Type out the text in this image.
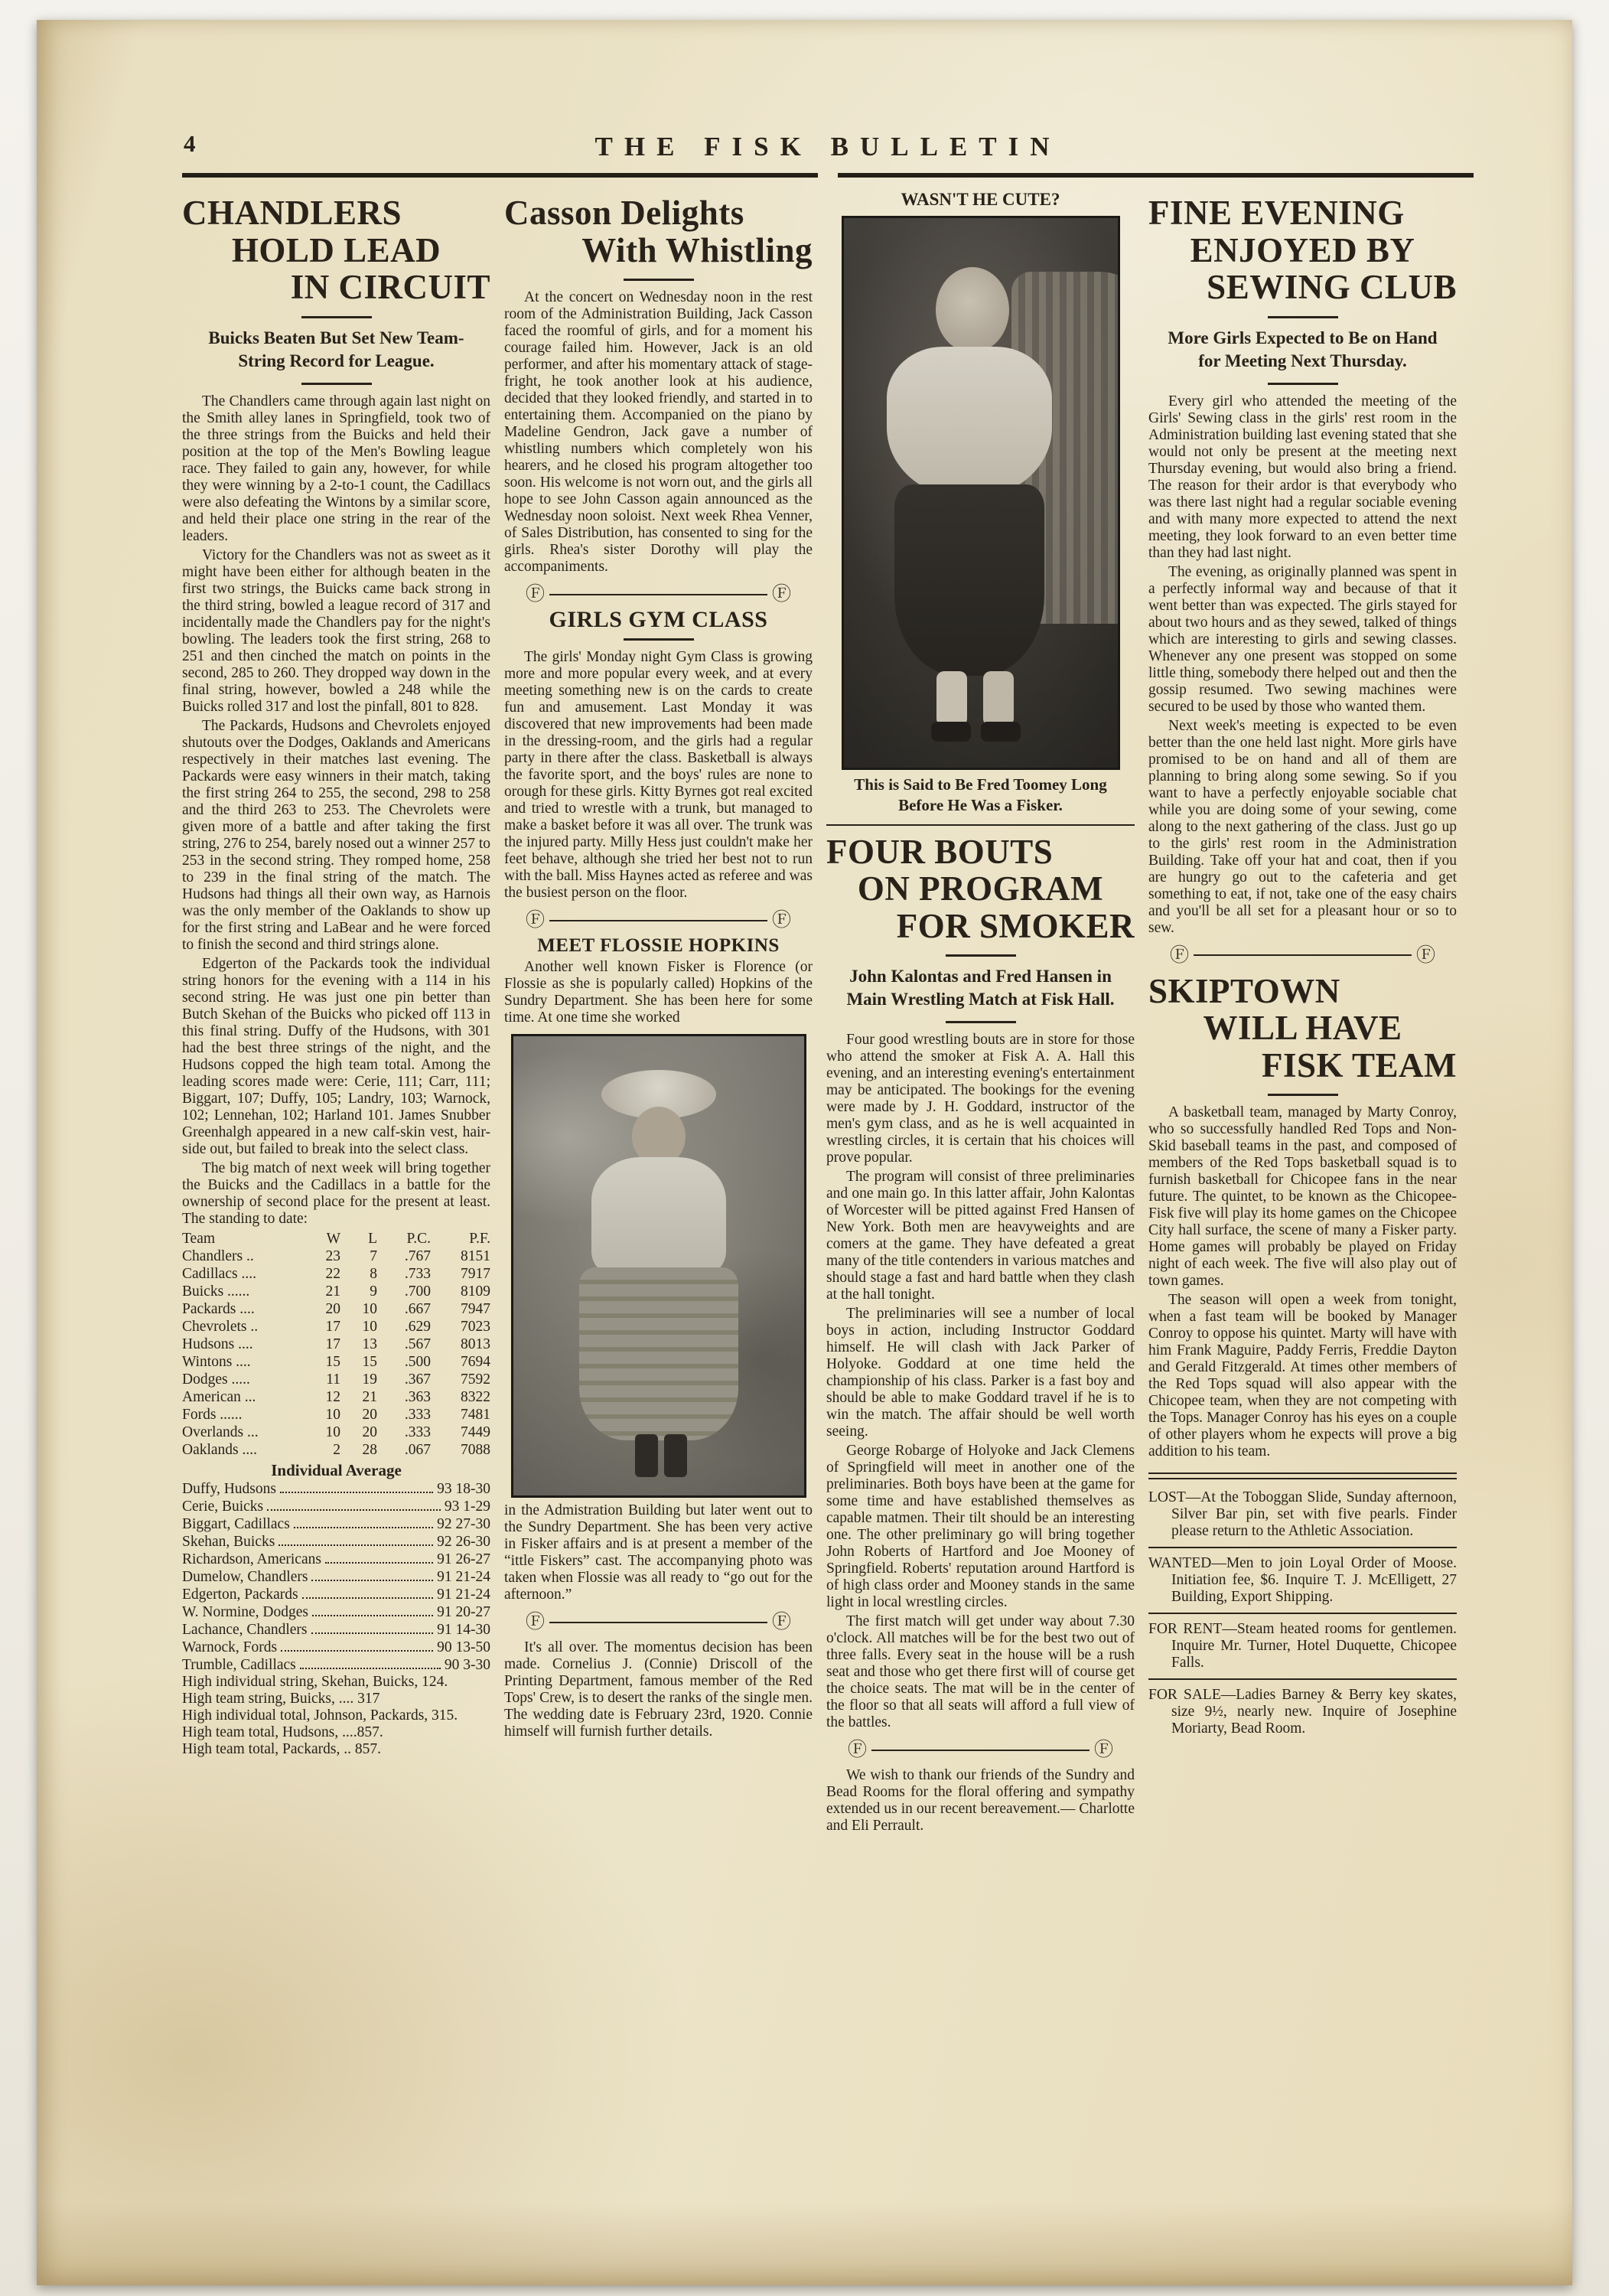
4	THE FISK BULLETIN
CHANDLERS
HOLD LEAD
IN CIRCUIT
Buicks Beaten But Set New Team-String Record for League.

The Chandlers came through again last night on the Smith alley lanes in Springfield, took two of the three strings from the Buicks and held their position at the top of the Men's Bowling league race. They failed to gain any, however, for while they were winning by a 2-to-1 count, the Cadillacs were also defeating the Wintons by a similar score, and held their place one string in the rear of the leaders.

Victory for the Chandlers was not as sweet as it might have been either for although beaten in the first two strings, the Buicks came back strong in the third string, bowled a league record of 317 and incidentally made the Chandlers pay for the night's bowling. The leaders took the first string, 268 to 251 and then cinched the match on points in the second, 285 to 260. They dropped way down in the final string, however, bowled a 248 while the Buicks rolled 317 and lost the pinfall, 801 to 828.

The Packards, Hudsons and Chevrolets enjoyed shutouts over the Dodges, Oaklands and Americans respectively in their matches last evening. The Packards were easy winners in their match, taking the first string 264 to 255, the second, 298 to 258 and the third 263 to 253. The Chevrolets were given more of a battle and after taking the first string, 276 to 254, barely nosed out a winner 257 to 253 in the second string. They romped home, 258 to 239 in the final string of the match. The Hudsons had things all their own way, as Harnois was the only member of the Oaklands to show up for the first string and LaBear and he were forced to finish the second and third strings alone.

Edgerton of the Packards took the individual string honors for the evening with a 114 in his second string. He was just one pin better than Butch Skehan of the Buicks who picked off 113 in this final string. Duffy of the Hudsons, with 301 had the best three strings of the night, and the Hudsons copped the high team total. Among the leading scores made were: Cerie, 111; Carr, 111; Biggart, 107; Duffy, 105; Landry, 103; Warnock, 102; Lennehan, 102; Harland 101. James Snubber Greenhalgh appeared in a new calf-skin vest, hair-side out, but failed to break into the select class.

The big match of next week will bring together the Buicks and the Cadillacs in a battle for the ownership of second place for the present at least. The standing to date:

Team	W	L	P.C.	P.F.
Chandlers ..	23	7	.767	8151
Cadillacs ....	22	8	.733	7917
Buicks ......	21	9	.700	8109
Packards ....	20	10	.667	7947
Chevrolets ..	17	10	.629	7023
Hudsons ....	17	13	.567	8013
Wintons ....	15	15	.500	7694
Dodges .....	11	19	.367	7592
American ...	12	21	.363	8322
Fords ......	10	20	.333	7481
Overlands ...	10	20	.333	7449
Oaklands ....	2	28	.067	7088
Individual Average
Duffy, Hudsons	93 18-30
Cerie, Buicks	93 1-29
Biggart, Cadillacs	92 27-30
Skehan, Buicks	92 26-30
Richardson, Americans	91 26-27
Dumelow, Chandlers	91 21-24
Edgerton, Packards	91 21-24
W. Normine, Dodges	91 20-27
Lachance, Chandlers	91 14-30
Warnock, Fords	90 13-50
Trumble, Cadillacs	90 3-30

High individual string, Skehan, Buicks, 124.

High team string, Buicks, .... 317

High individual total, Johnson, Packards, 315.

High team total, Hudsons, ....857.

High team total, Packards, .. 857.

Casson Delights
With Whistling

At the concert on Wednesday noon in the rest room of the Administration Building, Jack Casson faced the roomful of girls, and for a moment his courage failed him. However, Jack is an old performer, and after his momentary attack of stage-fright, he took another look at his audience, decided that they looked friendly, and started in to entertaining them. Accompanied on the piano by Madeline Gendron, Jack gave a number of whistling numbers which completely won his hearers, and he closed his program altogether too soon. His welcome is not worn out, and the girls all hope to see John Casson again announced as the Wednesday noon soloist. Next week Rhea Venner, of Sales Distribution, has consented to sing for the girls. Rhea's sister Dorothy will play the accompaniments.

Ⓕ	Ⓕ
GIRLS GYM CLASS

The girls' Monday night Gym Class is growing more and more popular every week, and at every meeting something new is on the cards to create fun and amusement. Last Monday it was discovered that new improvements had been made in the dressing-room, and the girls had a regular party in there after the class. Basketball is always the favorite sport, and the boys' rules are none to orough for these girls. Kitty Byrnes got real excited and tried to wrestle with a trunk, but managed to make a basket before it was all over. The trunk was the injured party. Milly Hess just couldn't make her feet behave, although she tried her best not to run with the ball. Miss Haynes acted as referee and was the busiest person on the floor.

Ⓕ	Ⓕ
MEET FLOSSIE HOPKINS

Another well known Fisker is Florence (or Flossie as she is popularly called) Hopkins of the Sundry Department. She has been here for some time. At one time she worked

in the Admistration Building but later went out to the Sundry Department. She has been very active in Fisker affairs and is at present a member of the “ittle Fiskers” cast. The accompanying photo was taken when Flossie was all ready to “go out for the afternoon.”

Ⓕ	Ⓕ

It's all over. The momentus decision has been made. Cornelius J. (Connie) Driscoll of the Printing Department, famous member of the Red Tops' Crew, is to desert the ranks of the single men. The wedding date is February 23rd, 1920. Connie himself will furnish further details.

WASN'T HE CUTE?
This is Said to Be Fred Toomey Long Before He Was a Fisker.
FOUR BOUTS
ON PROGRAM
FOR SMOKER
John Kalontas and Fred Hansen in Main Wrestling Match at Fisk Hall.

Four good wrestling bouts are in store for those who attend the smoker at Fisk A. A. Hall this evening, and an interesting evening's entertainment may be anticipated. The bookings for the evening were made by J. H. Goddard, instructor of the men's gym class, and as he is well acquainted in wrestling circles, it is certain that his choices will prove popular.

The program will consist of three preliminaries and one main go. In this latter affair, John Kalontas of Worcester will be pitted against Fred Hansen of New York. Both men are heavyweights and are comers at the game. They have defeated a great many of the title contenders in various matches and should stage a fast and hard battle when they clash at the hall tonight.

The preliminaries will see a number of local boys in action, including Instructor Goddard himself. He will clash with Jack Parker of Holyoke. Goddard at one time held the championship of his class. Parker is a fast boy and should be able to make Goddard travel if he is to win the match. The affair should be well worth seeing.

George Robarge of Holyoke and Jack Clemens of Springfield will meet in another one of the preliminaries. Both boys have been at the game for some time and have established themselves as capable matmen. Their tilt should be an interesting one. The other preliminary go will bring together John Roberts of Hartford and Joe Mooney of Springfield. Roberts' reputation around Hartford is of high class order and Mooney stands in the same light in local wrestling circles.

The first match will get under way about 7.30 o'clock. All matches will be for the best two out of three falls. Every seat in the house will be a rush seat and those who get there first will of course get the choice seats. The mat will be in the center of the floor so that all seats will afford a full view of the battles.

Ⓕ	Ⓕ

We wish to thank our friends of the Sundry and Bead Rooms for the floral offering and sympathy extended us in our recent bereavement.— Charlotte and Eli Perrault.

FINE EVENING
ENJOYED BY
SEWING CLUB
More Girls Expected to Be on Hand for Meeting Next Thursday.

Every girl who attended the meeting of the Girls' Sewing class in the girls' rest room in the Administration building last evening stated that she would not only be present at the meeting next Thursday evening, but would also bring a friend. The reason for their ardor is that everybody who was there last night had a regular sociable evening and with many more expected to attend the next meeting, they look forward to an even better time than they had last night.

The evening, as originally planned was spent in a perfectly informal way and because of that it went better than was expected. The girls stayed for about two hours and as they sewed, talked of things which are interesting to girls and sewing classes. Whenever any one present was stopped on some little thing, somebody there helped out and then the gossip resumed. Two sewing machines were secured to be used by those who wanted them.

Next week's meeting is expected to be even better than the one held last night. More girls have promised to be on hand and all of them are planning to bring along some sewing. So if you want to have a perfectly enjoyable sociable chat while you are doing some of your sewing, come along to the next gathering of the class. Just go up to the girls' rest room in the Administration Building. Take off your hat and coat, then if you are hungry go out to the cafeteria and get something to eat, if not, take one of the easy chairs and you'll be all set for a pleasant hour or so to sew.

Ⓕ	Ⓕ
SKIPTOWN
WILL HAVE
FISK TEAM

A basketball team, managed by Marty Conroy, who so successfully handled Red Tops and Non-Skid baseball teams in the past, and composed of members of the Red Tops basketball squad is to furnish basketball for Chicopee fans in the near future. The quintet, to be known as the Chicopee- Fisk five will play its home games on the Chicopee City hall surface, the scene of many a Fisker party. Home games will probably be played on Friday night of each week. The five will also play out of town games.

The season will open a week from tonight, when a fast team will be booked by Manager Conroy to oppose his quintet. Marty will have with him Frank Maguire, Paddy Ferris, Freddie Dayton and Gerald Fitzgerald. At times other members of the Red Tops squad will also appear with the Chicopee team, when they are not competing with the Tops. Manager Conroy has his eyes on a couple of other players whom he expects will prove a big addition to his team.

LOST—At the Toboggan Slide, Sunday afternoon, Silver Bar pin, set with five pearls. Finder please return to the Athletic Association.

WANTED—Men to join Loyal Order of Moose. Initiation fee, $6. Inquire T. J. McElligett, 27 Building, Export Shipping.

FOR RENT—Steam heated rooms for gentlemen. Inquire Mr. Turner, Hotel Duquette, Chicopee Falls.

FOR SALE—Ladies Barney & Berry key skates, size 9½, nearly new. Inquire of Josephine Moriarty, Bead Room.
